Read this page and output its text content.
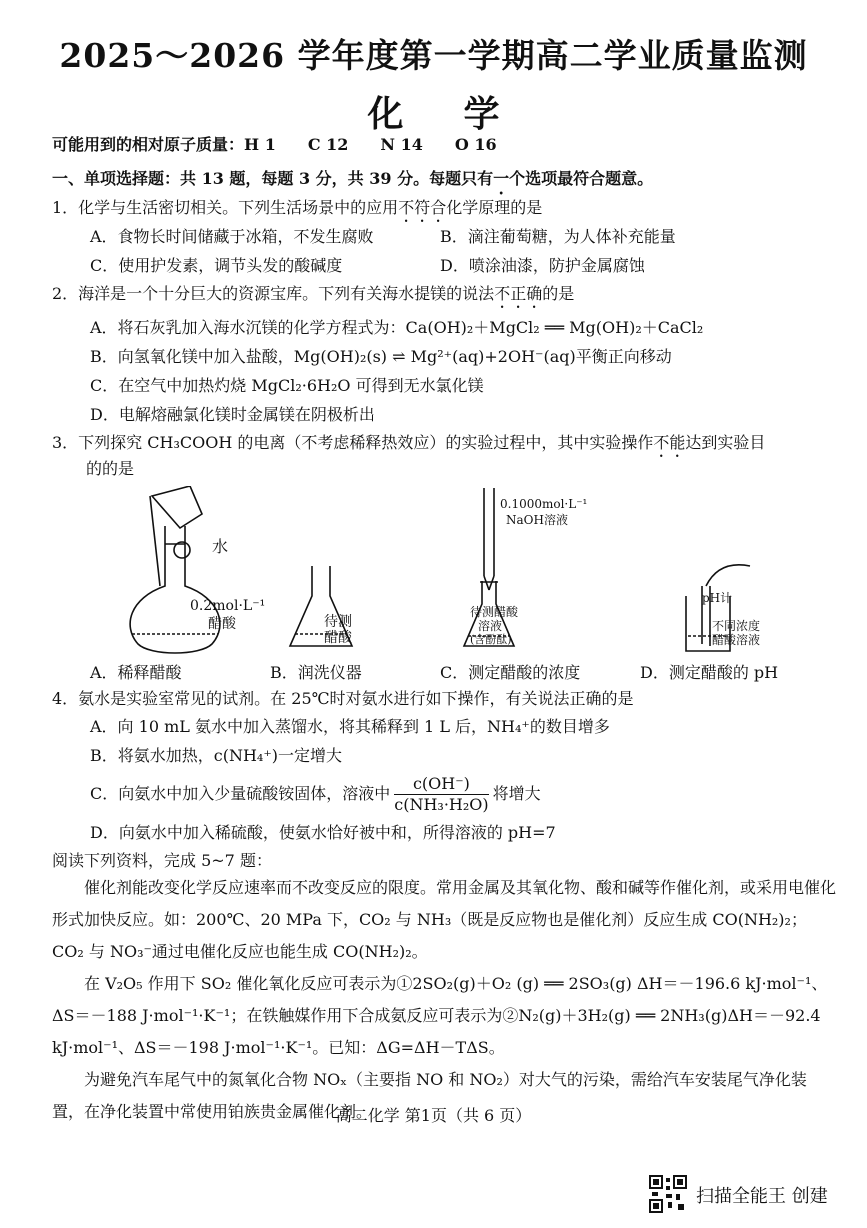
2025～2026 学年度第一学期高二学业质量监测
化学
可能用到的相对原子质量：H 1　　C 12　　N 14　　O 16
一、单项选择题：共 13 题，每题 3 分，共 39 分。每题只有一个选项最符合题意。
1．化学与生活密切相关。下列生活场景中的应用不符合化学原理的是
A．食物长时间储藏于冰箱，不发生腐败	B．滴注葡萄糖，为人体补充能量
C．使用护发素，调节头发的酸碱度	D．喷涂油漆，防护金属腐蚀
2．海洋是一个十分巨大的资源宝库。下列有关海水提镁的说法不正确的是
A．将石灰乳加入海水沉镁的化学方程式为：Ca(OH)₂＋MgCl₂ ══ Mg(OH)₂＋CaCl₂
B．向氢氧化镁中加入盐酸，Mg(OH)₂(s) ⇌ Mg²⁺(aq)+2OH⁻(aq)平衡正向移动
C．在空气中加热灼烧 MgCl₂·6H₂O 可得到无水氯化镁
D．电解熔融氯化镁时金属镁在阴极析出
3．下列探究 CH₃COOH 的电离（不考虑稀释热效应）的实验过程中，其中实验操作不能达到实验目
的的是
水
0.2mol·L⁻¹
醋酸	待测
醋酸
0.1000mol·L⁻¹
NaOH溶液
待测醋酸
溶液
(含酚酞)
pH计
不同浓度
醋酸溶液
A．稀释醋酸	B．润洗仪器	C．测定醋酸的浓度	D．测定醋酸的 pH
4．氨水是实验室常见的试剂。在 25℃时对氨水进行如下操作，有关说法正确的是
A．向 10 mL 氨水中加入蒸馏水，将其稀释到 1 L 后，NH₄⁺的数目增多
B．将氨水加热，c(NH₄⁺)一定增大
C．向氨水中加入少量硫酸铵固体，溶液中 $\frac{c(OH^-)}{\text{c(NH₃·H₂O)}}$ 将增大
D．向氨水中加入稀硫酸，使氨水恰好被中和，所得溶液的 pH=7
阅读下列资料，完成 5~7 题：

催化剂能改变化学反应速率而不改变反应的限度。常用金属及其氧化物、酸和碱等作催化剂，或采用电催化形式加快反应。如：200℃、20 MPa 下，CO₂ 与 NH₃（既是反应物也是催化剂）反应生成 CO(NH₂)₂；CO₂ 与 NO₃⁻通过电催化反应也能生成 CO(NH₂)₂。

在 V₂O₅ 作用下 SO₂ 催化氧化反应可表示为①2SO₂(g)＋O₂ (g) ══ 2SO₃(g) ΔH＝－196.6 kJ·mol⁻¹、ΔS＝－188 J·mol⁻¹·K⁻¹；在铁触媒作用下合成氨反应可表示为②N₂(g)＋3H₂(g) ══ 2NH₃(g)ΔH＝－92.4 kJ·mol⁻¹、ΔS＝－198 J·mol⁻¹·K⁻¹。已知：ΔG=ΔH－TΔS。

为避免汽车尾气中的氮氧化合物 NOₓ（主要指 NO 和 NO₂）对大气的污染，需给汽车安装尾气净化装置，在净化装置中常使用铂族贵金属催化剂。

高二化学 第1页（共 6 页）
扫描全能王 创建
